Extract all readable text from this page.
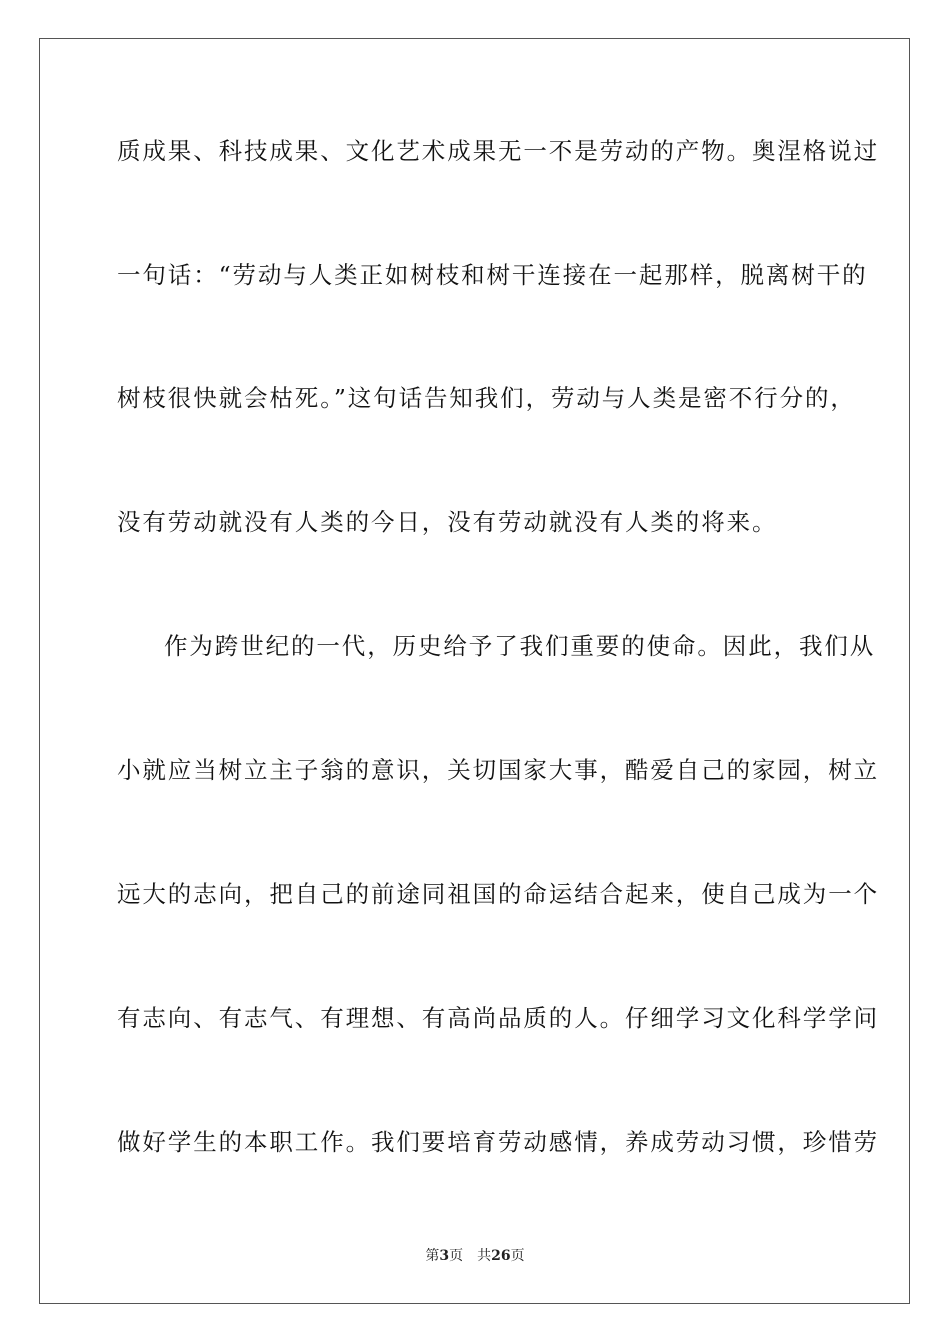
质成果、科技成果、文化艺术成果无一不是劳动的产物。奥涅格说过
一句话：“劳动与人类正如树枝和树干连接在一起那样，脱离树干的
树枝很快就会枯死。”这句话告知我们，劳动与人类是密不行分的，
没有劳动就没有人类的今日，没有劳动就没有人类的将来。
作为跨世纪的一代，历史给予了我们重要的使命。因此，我们从
小就应当树立主子翁的意识，关切国家大事，酷爱自己的家园，树立
远大的志向，把自己的前途同祖国的命运结合起来，使自己成为一个
有志向、有志气、有理想、有高尚品质的人。仔细学习文化科学学问
做好学生的本职工作。我们要培育劳动感情，养成劳动习惯，珍惜劳
第3页 共26页
